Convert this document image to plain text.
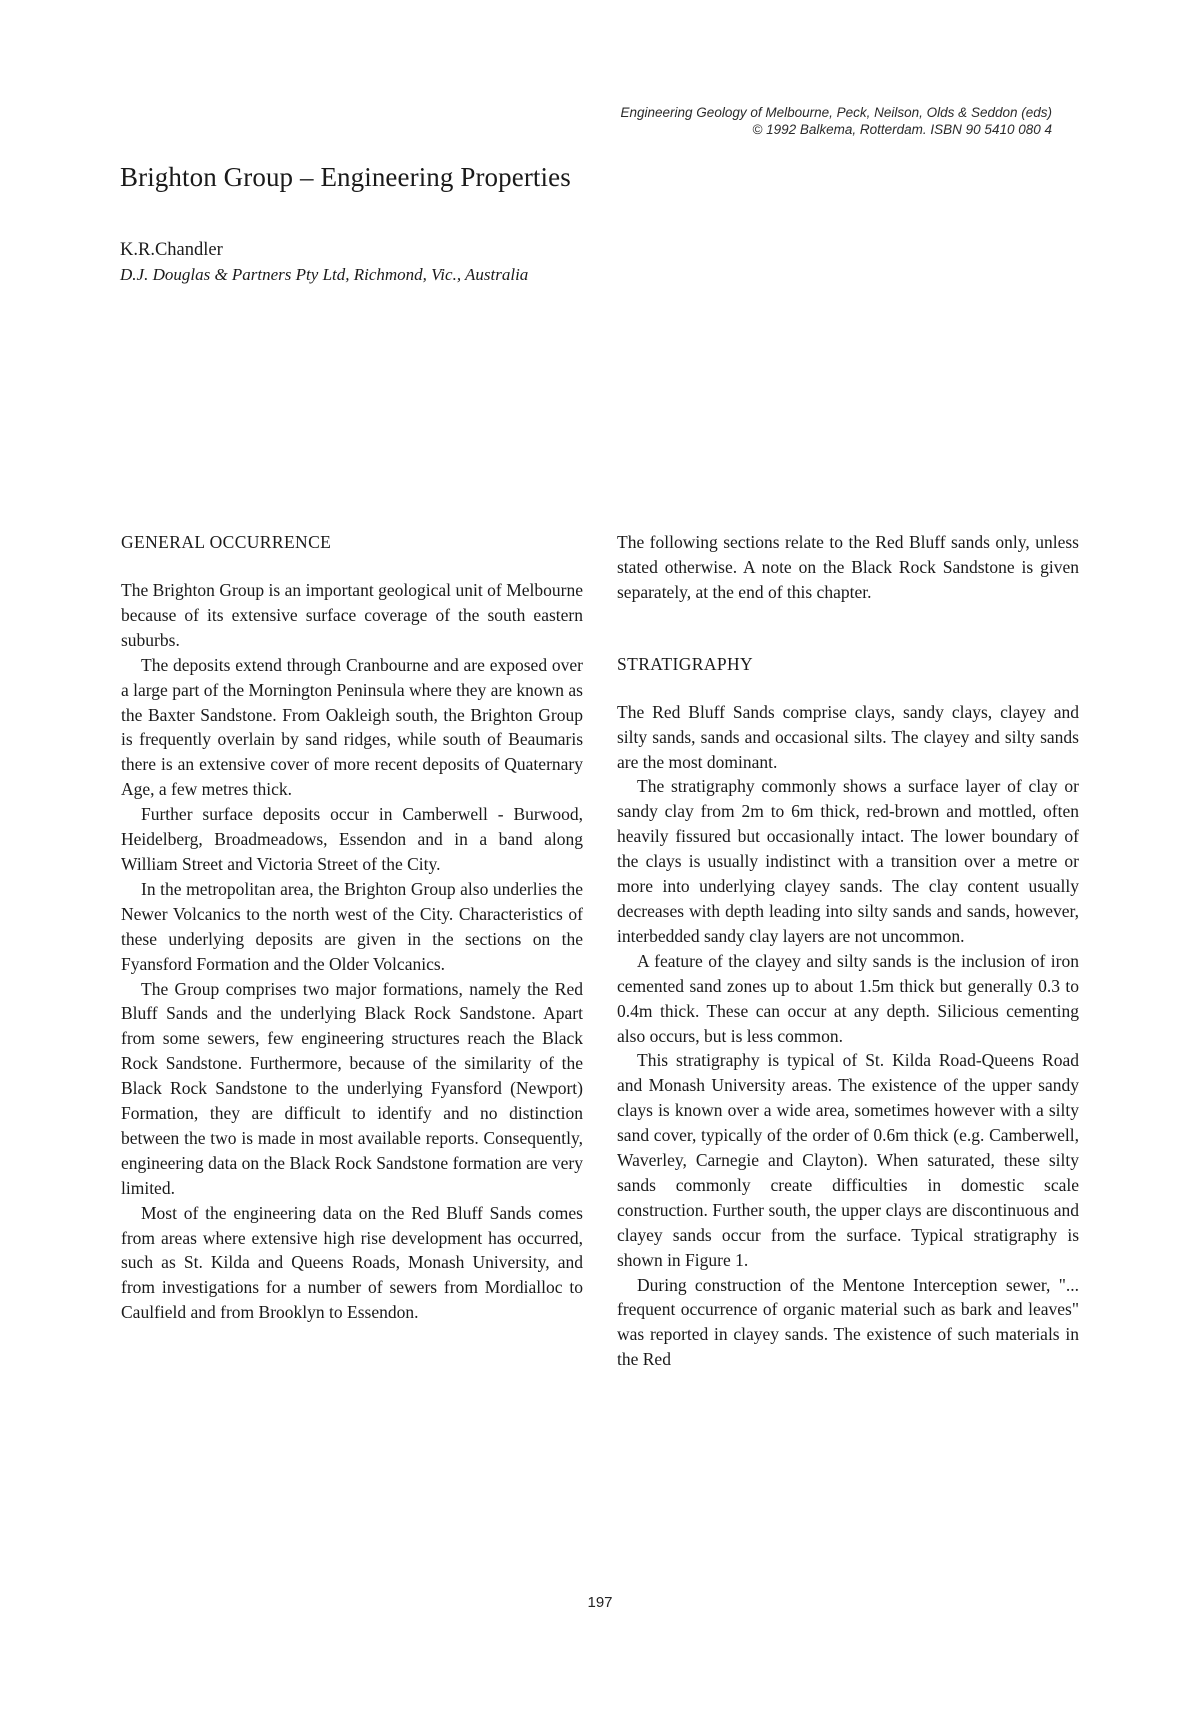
Engineering Geology of Melbourne, Peck, Neilson, Olds & Seddon (eds)
© 1992 Balkema, Rotterdam. ISBN 90 5410 080 4
Brighton Group – Engineering Properties
K.R.Chandler
D.J. Douglas & Partners Pty Ltd, Richmond, Vic., Australia
GENERAL OCCURRENCE

The Brighton Group is an important geological unit of Melbourne because of its extensive surface coverage of the south eastern suburbs.

The deposits extend through Cranbourne and are exposed over a large part of the Mornington Peninsula where they are known as the Baxter Sandstone. From Oakleigh south, the Brighton Group is frequently overlain by sand ridges, while south of Beaumaris there is an extensive cover of more recent deposits of Quaternary Age, a few metres thick.

Further surface deposits occur in Camberwell - Burwood, Heidelberg, Broadmeadows, Essendon and in a band along William Street and Victoria Street of the City.

In the metropolitan area, the Brighton Group also underlies the Newer Volcanics to the north west of the City. Characteristics of these underlying deposits are given in the sections on the Fyansford Formation and the Older Volcanics.

The Group comprises two major formations, namely the Red Bluff Sands and the underlying Black Rock Sandstone. Apart from some sewers, few engineering structures reach the Black Rock Sandstone. Furthermore, because of the similarity of the Black Rock Sandstone to the underlying Fyansford (Newport) Formation, they are difficult to identify and no distinction between the two is made in most available reports. Consequently, engineering data on the Black Rock Sandstone formation are very limited.

Most of the engineering data on the Red Bluff Sands comes from areas where extensive high rise development has occurred, such as St. Kilda and Queens Roads, Monash University, and from investigations for a number of sewers from Mordialloc to Caulfield and from Brooklyn to Essendon.

The following sections relate to the Red Bluff sands only, unless stated otherwise. A note on the Black Rock Sandstone is given separately, at the end of this chapter.

STRATIGRAPHY

The Red Bluff Sands comprise clays, sandy clays, clayey and silty sands, sands and occasional silts. The clayey and silty sands are the most dominant.

The stratigraphy commonly shows a surface layer of clay or sandy clay from 2m to 6m thick, red-brown and mottled, often heavily fissured but occasionally intact. The lower boundary of the clays is usually indistinct with a transition over a metre or more into underlying clayey sands. The clay content usually decreases with depth leading into silty sands and sands, however, interbedded sandy clay layers are not uncommon.

A feature of the clayey and silty sands is the inclusion of iron cemented sand zones up to about 1.5m thick but generally 0.3 to 0.4m thick. These can occur at any depth. Silicious cementing also occurs, but is less common.

This stratigraphy is typical of St. Kilda Road-Queens Road and Monash University areas. The existence of the upper sandy clays is known over a wide area, sometimes however with a silty sand cover, typically of the order of 0.6m thick (e.g. Camberwell, Waverley, Carnegie and Clayton). When saturated, these silty sands commonly create difficulties in domestic scale construction. Further south, the upper clays are discontinuous and clayey sands occur from the surface. Typical stratigraphy is shown in Figure 1.

During construction of the Mentone Interception sewer, "... frequent occurrence of organic material such as bark and leaves" was reported in clayey sands. The existence of such materials in the Red

197
